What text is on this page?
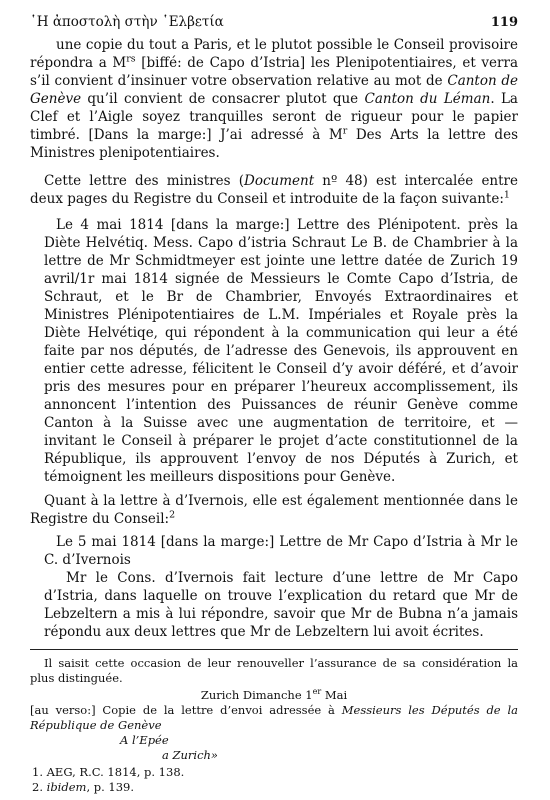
῾Η ἀποστολὴ στὴν ῾Ελβετία	119

une copie du tout a Paris, et le plutot possible le Conseil provisoire répondra a $M^{rs}$ [biffé: de Capo d’Istria] les Plenipotentiaires, et verra s’il convient d’insinuer votre observation relative au mot de Canton de Genève qu’il convient de consacrer plutot que Canton du Léman. La Clef et l’Aigle soyez tranquilles seront de rigueur pour le papier timbré. [Dans la marge:] J’ai adressé à $M^r$ Des Arts la lettre des Ministres plenipotentiaires.

Cette lettre des ministres (Document nº 48) est intercalée entre deux pages du Registre du Conseil et introduite de la façon suivante:$^1$

Le 4 mai 1814 [dans la marge:] Lettre des Plénipotent. près la Diète Helvétiq. Mess. Capo d’istria Schraut Le B. de Chambrier à la lettre de Mr Schmidtmeyer est jointe une lettre datée de Zurich 19 avril/1r mai 1814 signée de Messieurs le Comte Capo d’Istria, de Schraut, et le Br de Chambrier, Envoyés Extraordinaires et Ministres Plénipotentiaires de L.M. Impériales et Royale près la Diète Helvétiqe, qui répondent à la communication qui leur a été faite par nos députés, de l’adresse des Genevois, ils approuvent en entier cette adresse, félicitent le Conseil d’y avoir déféré, et d’avoir pris des mesures pour en préparer l’heureux accomplissement, ils annoncent l’intention des Puissances de réunir Genève comme Canton à la Suisse avec une augmentation de territoire, et — invitant le Conseil à préparer le projet d’acte constitutionnel de la République, ils approuvent l’envoy de nos Députés à Zurich, et témoignent les meilleurs dispositions pour Genève.

Quant à la lettre à d’Ivernois, elle est également mentionnée dans le Registre du Conseil:$^2$

Le 5 mai 1814 [dans la marge:] Lettre de Mr Capo d’Istria à Mr le C. d’Ivernois

Mr le Cons. d’Ivernois fait lecture d’une lettre de Mr Capo d’Istria, dans laquelle on trouve l’explication du retard que Mr de Lebzeltern a mis à lui répondre, savoir que Mr de Bubna n’a jamais répondu aux deux lettres que Mr de Lebzeltern lui avoit écrites.

Il saisit cette occasion de leur renouveller l’assurance de sa considération la plus distinguée.

Zurich Dimanche 1er Mai

[au verso:] Copie de la lettre d’envoi adressée à Messieurs les Députés de la République de Genève

A l’Epée

a Zurich»

1. AEG, R.C. 1814, p. 138.

2. ibidem, p. 139.
